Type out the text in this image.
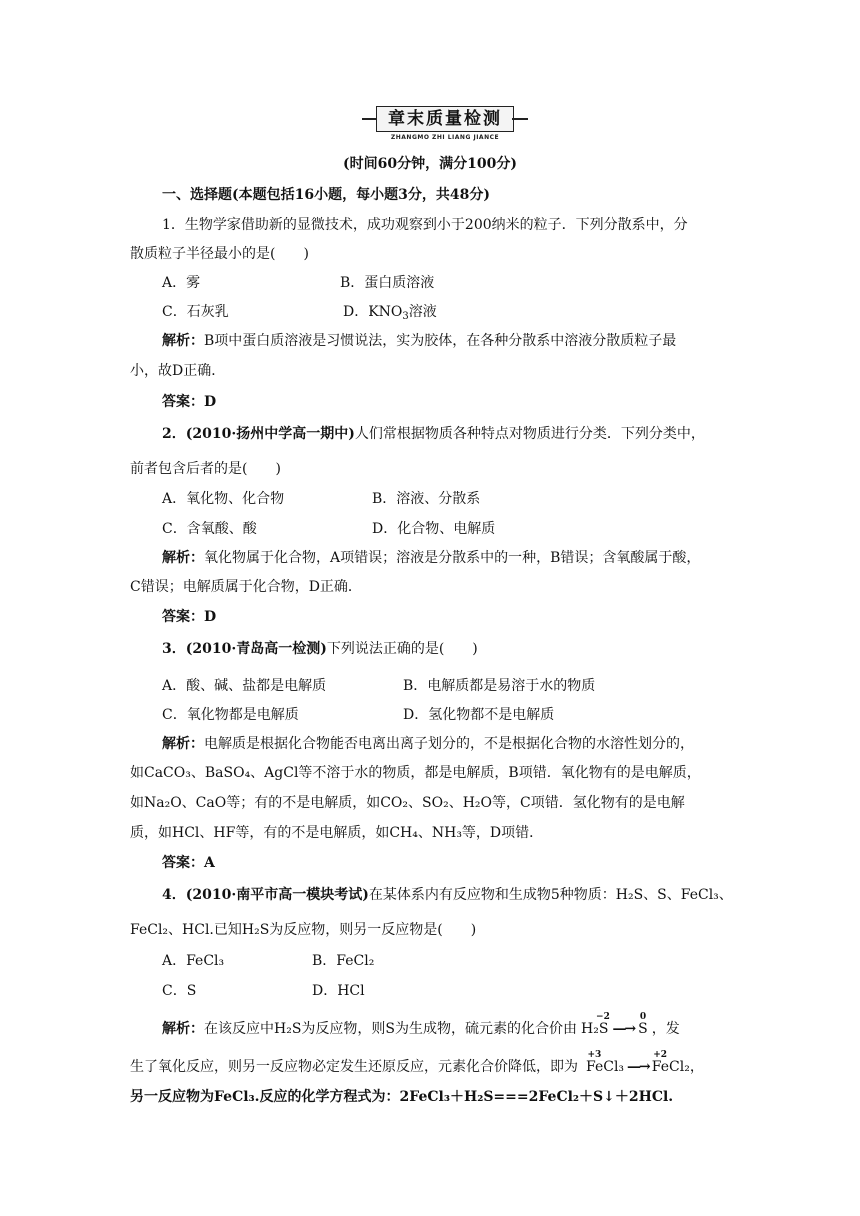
章末质量检测
ZHANGMO ZHI LIANG JIANCE
(时间60分钟，满分100分)
一、选择题(本题包括16小题，每小题3分，共48分)
1．生物学家借助新的显微技术，成功观察到小于200纳米的粒子．下列分散系中，分
散质粒子半径最小的是(　　)
A．雾	B．蛋白质溶液
C．石灰乳	D．$KNO_3$溶液
解析：B项中蛋白质溶液是习惯说法，实为胶体，在各种分散系中溶液分散质粒子最
小，故D正确．
答案：D
2．(2010·扬州中学高一期中)人们常根据物质各种特点对物质进行分类．下列分类中，
前者包含后者的是(　　)
A．氧化物、化合物	B．溶液、分散系
C．含氧酸、酸	D．化合物、电解质
解析：氧化物属于化合物，A项错误；溶液是分散系中的一种，B错误；含氧酸属于酸，
C错误；电解质属于化合物，D正确．
答案：D
3．(2010·青岛高一检测)下列说法正确的是(　　)
A．酸、碱、盐都是电解质	B．电解质都是易溶于水的物质
C．氧化物都是电解质	D．氢化物都不是电解质
解析：电解质是根据化合物能否电离出离子划分的，不是根据化合物的水溶性划分的，
如CaCO₃、BaSO₄、AgCl等不溶于水的物质，都是电解质，B项错．氧化物有的是电解质，
如Na₂O、CaO等；有的不是电解质，如CO₂、SO₂、H₂O等，C项错．氢化物有的是电解
质，如HCl、HF等，有的不是电解质，如CH₄、NH₃等，D项错．
答案：A
4．(2010·南平市高一模块考试)在某体系内有反应物和生成物5种物质：H₂S、S、FeCl₃、
FeCl₂、HCl.已知H₂S为反应物，则另一反应物是(　　)
A．FeCl₃	B．FeCl₂
C．S	D．HCl
解析：在该反应中H₂S为反应物，则S为生成物，硫元素的化合价由 H₂S
−2
—→ S
0
，发
生了氧化反应，则另一反应物必定发生还原反应，元素化合价降低，即为 FeCl₃
+3
—→ FeCl₂
+2
，
另一反应物为FeCl₃.反应的化学方程式为：2FeCl₃＋H₂S===2FeCl₂＋S↓＋2HCl.
